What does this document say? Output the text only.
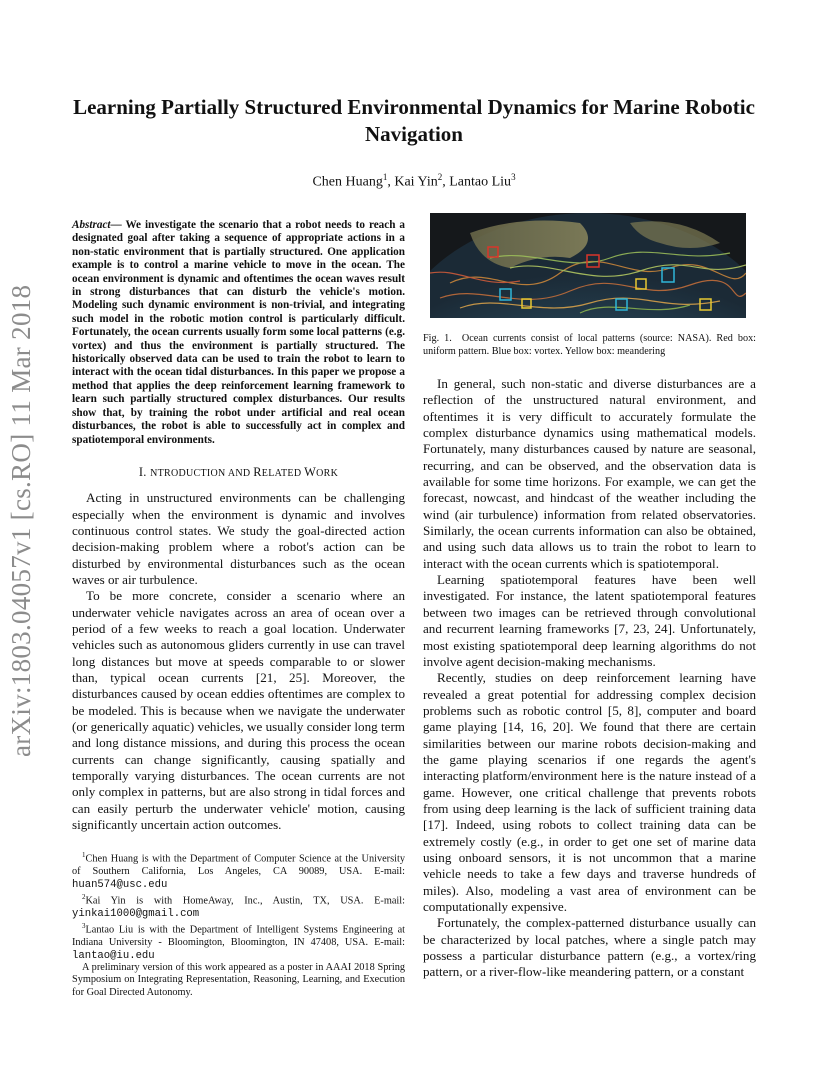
arXiv:1803.04057v1 [cs.RO] 11 Mar 2018
Learning Partially Structured Environmental Dynamics for Marine Robotic Navigation
Chen Huang$^1$, Kai Yin$^2$, Lantao Liu$^3$
Abstract— We investigate the scenario that a robot needs to reach a designated goal after taking a sequence of appropriate actions in a non-static environment that is partially structured. One application example is to control a marine vehicle to move in the ocean. The ocean environment is dynamic and oftentimes the ocean waves result in strong disturbances that can disturb the vehicle's motion. Modeling such dynamic environment is non-trivial, and integrating such model in the robotic motion control is particularly difficult. Fortunately, the ocean currents usually form some local patterns (e.g. vortex) and thus the environment is partially structured. The historically observed data can be used to train the robot to learn to interact with the ocean tidal disturbances. In this paper we propose a method that applies the deep reinforcement learning framework to learn such partially structured complex disturbances. Our results show that, by training the robot under artificial and real ocean disturbances, the robot is able to successfully act in complex and spatiotemporal environments.
I. NTRODUCTION AND RELATED WORK

Acting in unstructured environments can be challenging especially when the environment is dynamic and involves continuous control states. We study the goal-directed action decision-making problem where a robot's action can be disturbed by environmental disturbances such as the ocean waves or air turbulence.

To be more concrete, consider a scenario where an underwater vehicle navigates across an area of ocean over a period of a few weeks to reach a goal location. Underwater vehicles such as autonomous gliders currently in use can travel long distances but move at speeds comparable to or slower than, typical ocean currents [21, 25]. Moreover, the disturbances caused by ocean eddies oftentimes are complex to be modeled. This is because when we navigate the underwater (or generically aquatic) vehicles, we usually consider long term and long distance missions, and during this process the ocean currents can change significantly, causing spatially and temporally varying disturbances. The ocean currents are not only complex in patterns, but are also strong in tidal forces and can easily perturb the underwater vehicle' motion, causing significantly uncertain action outcomes.

$^1$Chen Huang is with the Department of Computer Science at the University of Southern California, Los Angeles, CA 90089, USA. E-mail: huan574@usc.edu

$^2$Kai Yin is with HomeAway, Inc., Austin, TX, USA. E-mail: yinkai1000@gmail.com

$^3$Lantao Liu is with the Department of Intelligent Systems Engineering at Indiana University - Bloomington, Bloomington, IN 47408, USA. E-mail: lantao@iu.edu

A preliminary version of this work appeared as a poster in AAAI 2018 Spring Symposium on Integrating Representation, Reasoning, Learning, and Execution for Goal Directed Autonomy.

Fig. 1. Ocean currents consist of local patterns (source: NASA). Red box: uniform pattern. Blue box: vortex. Yellow box: meandering

In general, such non-static and diverse disturbances are a reflection of the unstructured natural environment, and oftentimes it is very difficult to accurately formulate the complex disturbance dynamics using mathematical models. Fortunately, many disturbances caused by nature are seasonal, recurring, and can be observed, and the observation data is available for some time horizons. For example, we can get the forecast, nowcast, and hindcast of the weather including the wind (air turbulence) information from related observatories. Similarly, the ocean currents information can also be obtained, and using such data allows us to train the robot to learn to interact with the ocean currents which is spatiotemporal.

Learning spatiotemporal features have been well investigated. For instance, the latent spatiotemporal features between two images can be retrieved through convolutional and recurrent learning frameworks [7, 23, 24]. Unfortunately, most existing spatiotemporal deep learning algorithms do not involve agent decision-making mechanisms.

Recently, studies on deep reinforcement learning have revealed a great potential for addressing complex decision problems such as robotic control [5, 8], computer and board game playing [14, 16, 20]. We found that there are certain similarities between our marine robots decision-making and the game playing scenarios if one regards the agent's interacting platform/environment here is the nature instead of a game. However, one critical challenge that prevents robots from using deep learning is the lack of sufficient training data [17]. Indeed, using robots to collect training data can be extremely costly (e.g., in order to get one set of marine data using onboard sensors, it is not uncommon that a marine vehicle needs to take a few days and traverse hundreds of miles). Also, modeling a vast area of environment can be computationally expensive.

Fortunately, the complex-patterned disturbance usually can be characterized by local patches, where a single patch may possess a particular disturbance pattern (e.g., a vortex/ring pattern, or a river-flow-like meandering pattern, or a constant
